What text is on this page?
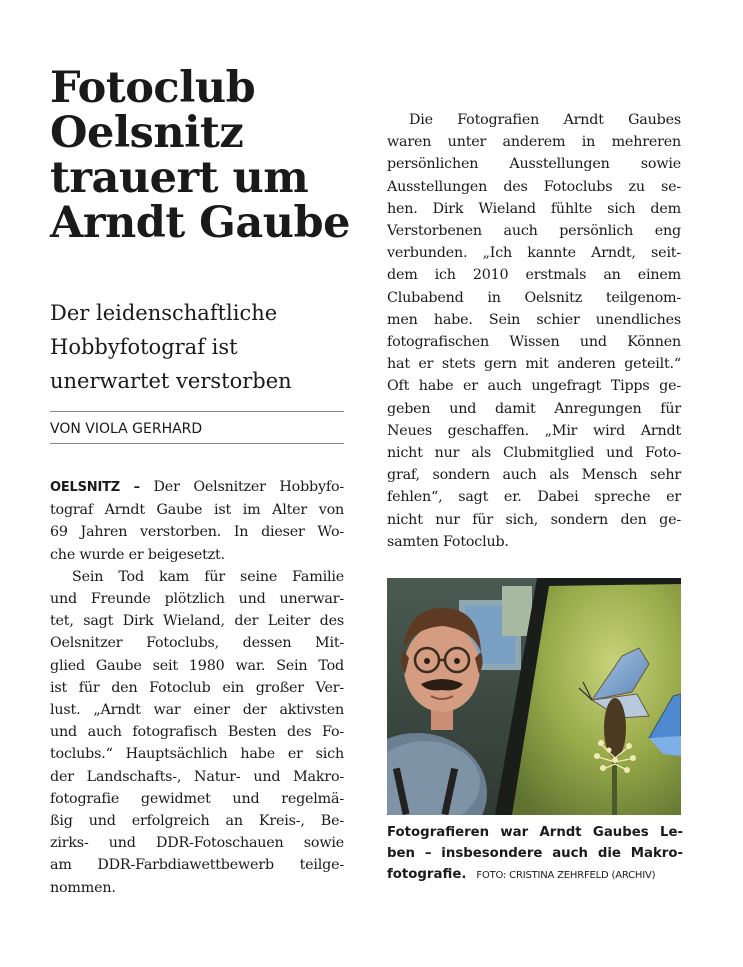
Fotoclub
Oelsnitz
trauert um
Arndt Gaube
Der leidenschaftliche
Hobbyfotograf ist
unerwartet verstorben
VON VIOLA GERHARD
OELSNITZ – Der Oelsnitzer Hobbyfo-
tograf Arndt Gaube ist im Alter von
69 Jahren verstorben. In dieser Wo-
che wurde er beigesetzt.
Sein Tod kam für seine Familie
und Freunde plötzlich und unerwar-
tet, sagt Dirk Wieland, der Leiter des
Oelsnitzer Fotoclubs, dessen Mit-
glied Gaube seit 1980 war. Sein Tod
ist für den Fotoclub ein großer Ver-
lust. „Arndt war einer der aktivsten
und auch fotografisch Besten des Fo-
toclubs.“ Hauptsächlich habe er sich
der Landschafts-, Natur- und Makro-
fotografie gewidmet und regelmä-
ßig und erfolgreich an Kreis-, Be-
zirks- und DDR-Fotoschauen sowie
am DDR-Farbdiawettbewerb teilge-
nommen.
Die Fotografien Arndt Gaubes
waren unter anderem in mehreren
persönlichen Ausstellungen sowie
Ausstellungen des Fotoclubs zu se-
hen. Dirk Wieland fühlte sich dem
Verstorbenen auch persönlich eng
verbunden. „Ich kannte Arndt, seit-
dem ich 2010 erstmals an einem
Clubabend in Oelsnitz teilgenom-
men habe. Sein schier unendliches
fotografischen Wissen und Können
hat er stets gern mit anderen geteilt.“
Oft habe er auch ungefragt Tipps ge-
geben und damit Anregungen für
Neues geschaffen. „Mir wird Arndt
nicht nur als Clubmitglied und Foto-
graf, sondern auch als Mensch sehr
fehlen“, sagt er. Dabei spreche er
nicht nur für sich, sondern den ge-
samten Fotoclub.
Fotografieren war Arndt Gaubes Le-
ben – insbesondere auch die Makro-
fotografie. FOTO: CRISTINA ZEHRFELD (ARCHIV)
